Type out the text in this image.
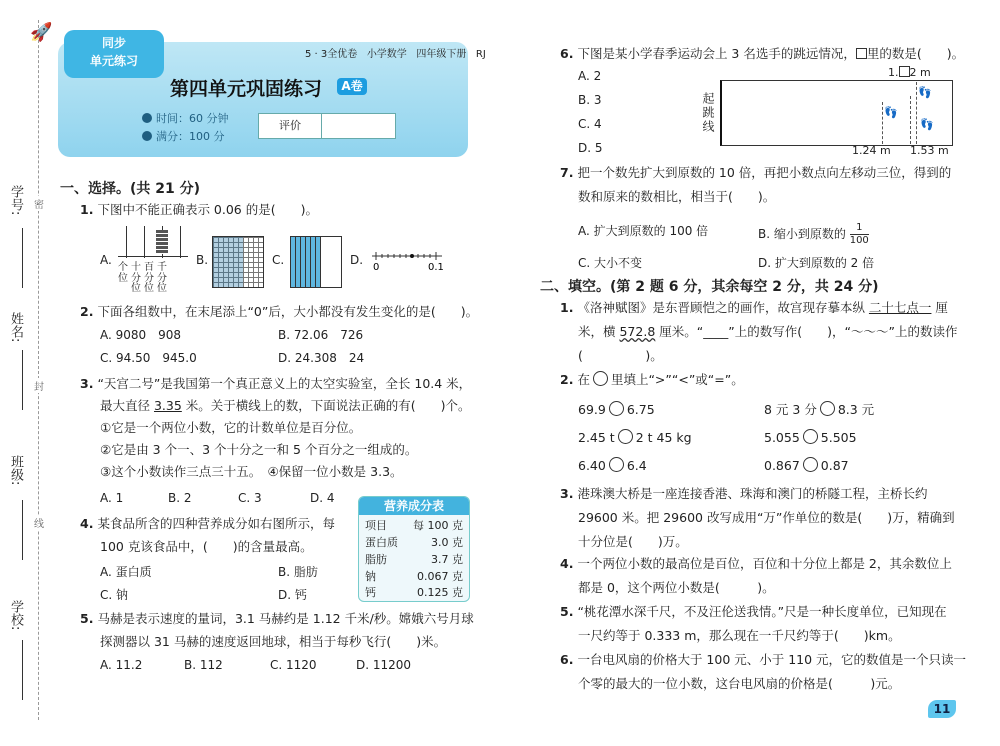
🚀
学号: 密
姓名:
封
班级:
线
学校:
同步
单元练习	5 · 3全优卷 小学数学 四年级下册 RJ
第四单元巩固练习	A卷
时间：60 分钟
满分：100 分
评价
一、选择。(共 21 分)
1. 下图中不能正确表示 0.06 的是(　　)。
A.
个十百千
位分分分
位位位
B.	C.	D.
0	0.1
2. 下面各组数中，在末尾添上“0”后，大小都没有发生变化的是(　　)。
A. 9080　908	B. 72.06　726
C. 94.50　945.0	D. 24.308　24
3. “天宫二号”是我国第一个真正意义上的太空实验室，全长 10.4 米，
最大直径 3.35 米。关于横线上的数，下面说法正确的有(　　)个。
①它是一个两位小数，它的计数单位是百分位。
②它是由 3 个一、3 个十分之一和 5 个百分之一组成的。
③这个小数读作三点三十五。　④保留一位小数是 3.3。
A. 1	B. 2	C. 3	D. 4
4. 某食品所含的四种营养成分如右图所示，每
100 克该食品中，(　　)的含量最高。
A. 蛋白质	B. 脂肪
C. 钠	D. 钙
营养成分表
项目 每 100 克
蛋白质	3.0 克
脂肪	3.7 克
钠	0.067 克
钙	0.125 克
5. 马赫是表示速度的量词，3.1 马赫约是 1.12 千米/秒。嫦娥六号月球
探测器以 31 马赫的速度返回地球，相当于每秒飞行(　　)米。
A. 11.2	B. 112	C. 1120	D. 11200
6. 下图是某小学春季运动会上 3 名选手的跳远情况， 里的数是(　　)。
A. 2
B. 3
C. 4
D. 5
起跳线
1. 2 m
👣
👣
👣
1.24 m 1.53 m
7. 把一个数先扩大到原数的 10 倍，再把小数点向左移动三位，得到的
数和原来的数相比，相当于(　　)。
A. 扩大到原数的 100 倍	B. 缩小到原数的 $\frac{1}{100}$
C. 大小不变	D. 扩大到原数的 2 倍
二、填空。(第 2 题 6 分，其余每空 2 分，共 24 分)
1. 《洛神赋图》是东晋顾恺之的画作，故宫现存摹本纵 二十七点一 厘
米，横 572.8 厘米。“____”上的数写作(　　)，“～～～”上的数读作
(　　　　　)。
2. 在 里填上“>”“<”或“=”。
69.9 6.75	8 元 3 分 8.3 元
2.45 t 2 t 45 kg	5.055 5.505
6.40 6.4	0.867 0.87
3. 港珠澳大桥是一座连接香港、珠海和澳门的桥隧工程，主桥长约
29600 米。把 29600 改写成用“万”作单位的数是(　　)万，精确到
十分位是(　　)万。
4. 一个两位小数的最高位是百位，百位和十分位上都是 2，其余数位上
都是 0，这个两位小数是(　　　)。
5. “桃花潭水深千尺，不及汪伦送我情。”尺是一种长度单位，已知现在
一尺约等于 0.333 m，那么现在一千尺约等于(　　)km。
6. 一台电风扇的价格大于 100 元、小于 110 元，它的数值是一个只读一
个零的最大的一位小数，这台电风扇的价格是(　　　)元。
11
